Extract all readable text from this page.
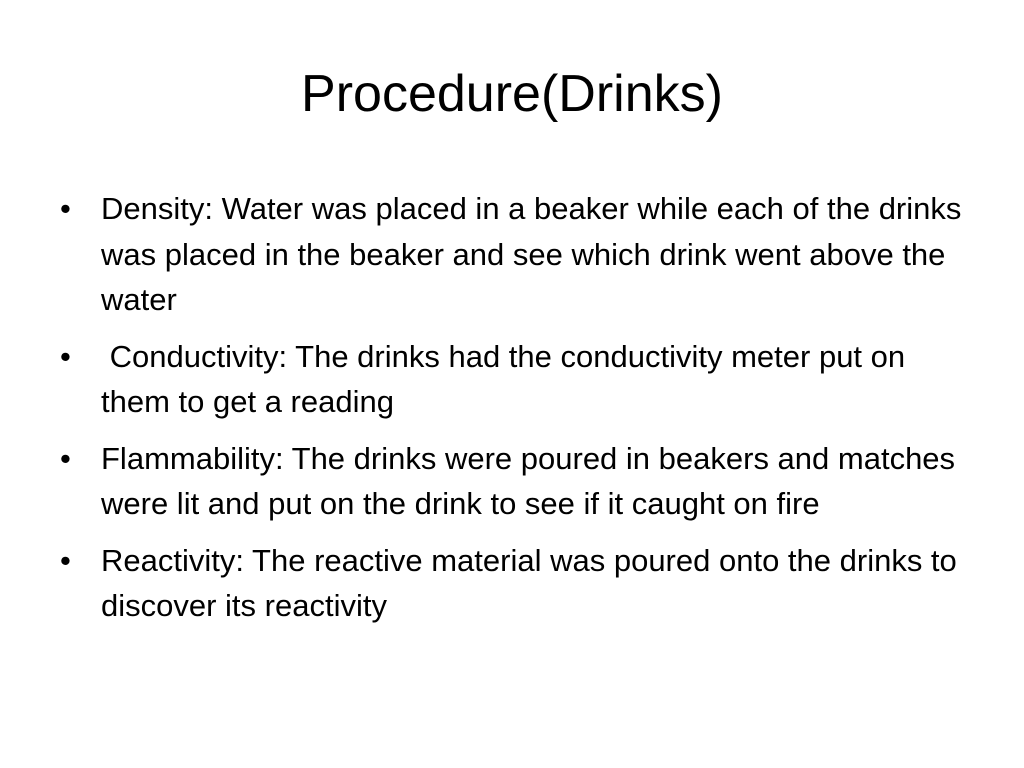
Procedure(Drinks)
• Density: Water was placed in a beaker while each of the drinks was placed in the beaker and see which drink went above the water
• Conductivity: The drinks had the conductivity meter put on them to get a reading
• Flammability: The drinks were poured in beakers and matches were lit and put on the drink to see if it caught on fire
• Reactivity: The reactive material was poured onto the drinks to discover its reactivity
